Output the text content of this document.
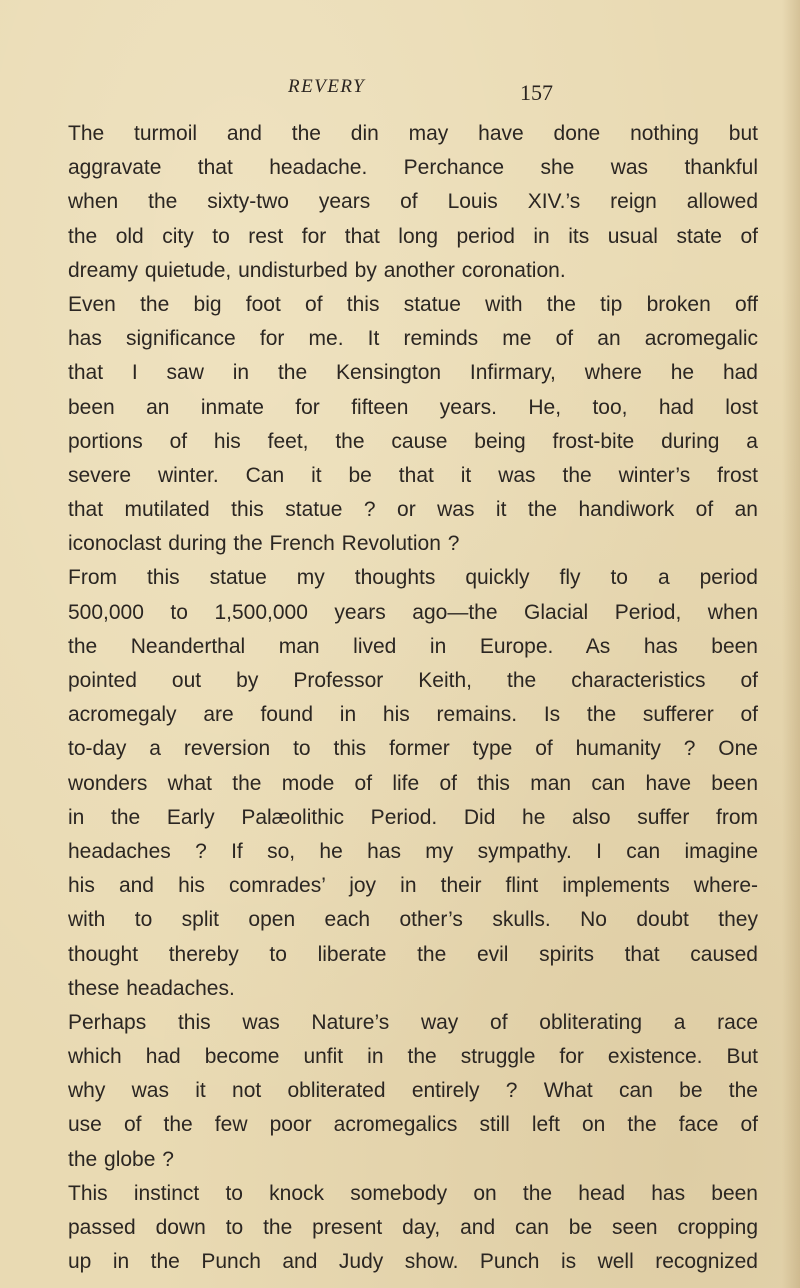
REVERY	157
The turmoil and the din may have done nothing but
aggravate that headache. Perchance she was thankful
when the sixty-two years of Louis XIV.’s reign allowed
the old city to rest for that long period in its usual state of
dreamy quietude, undisturbed by another coronation.
Even the big foot of this statue with the tip broken off
has significance for me. It reminds me of an acromegalic
that I saw in the Kensington Infirmary, where he had
been an inmate for fifteen years. He, too, had lost
portions of his feet, the cause being frost-bite during a
severe winter. Can it be that it was the winter’s frost
that mutilated this statue ? or was it the handiwork of an
iconoclast during the French Revolution ?
From this statue my thoughts quickly fly to a period
500,000 to 1,500,000 years ago—the Glacial Period, when
the Neanderthal man lived in Europe. As has been
pointed out by Professor Keith, the characteristics of
acromegaly are found in his remains. Is the sufferer of
to-day a reversion to this former type of humanity ? One
wonders what the mode of life of this man can have been
in the Early Palæolithic Period. Did he also suffer from
headaches ? If so, he has my sympathy. I can imagine
his and his comrades’ joy in their flint implements where-
with to split open each other’s skulls. No doubt they
thought thereby to liberate the evil spirits that caused
these headaches.
Perhaps this was Nature’s way of obliterating a race
which had become unfit in the struggle for existence. But
why was it not obliterated entirely ? What can be the
use of the few poor acromegalics still left on the face of
the globe ?
This instinct to knock somebody on the head has been
passed down to the present day, and can be seen cropping
up in the Punch and Judy show. Punch is well recognized
